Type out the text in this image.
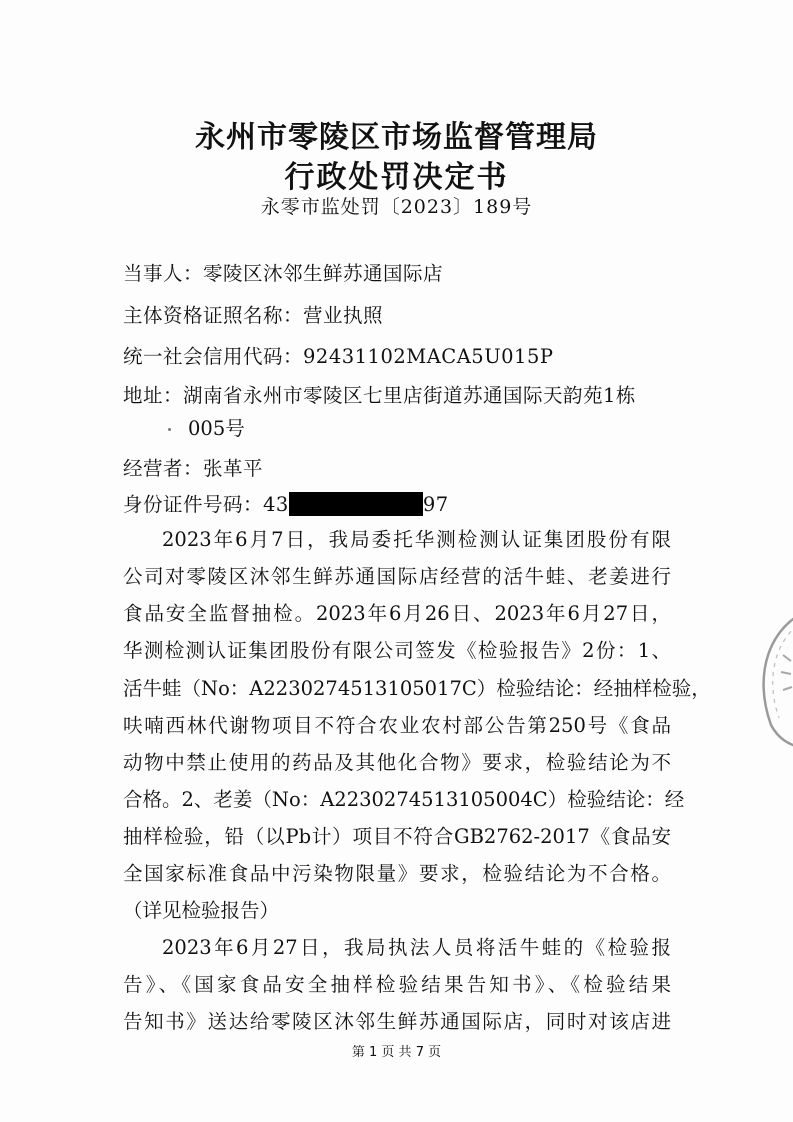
永州市零陵区市场监督管理局
行政处罚决定书
永零市监处罚〔2023〕189号
当事人：零陵区沐邻生鲜苏通国际店
主体资格证照名称：营业执照
统一社会信用代码：92431102MACA5U015P
地址：湖南省永州市零陵区七里店街道苏通国际天韵苑1栋
005号
经营者：张革平
身份证件号码：43	97
2023年6月7日，我局委托华测检测认证集团股份有限
公司对零陵区沐邻生鲜苏通国际店经营的活牛蛙、老姜进行
食品安全监督抽检。2023年6月26日、2023年6月27日，
华测检测认证集团股份有限公司签发《检验报告》2份：1、
活牛蛙（No：A2230274513105017C）检验结论：经抽样检验，
呋喃西林代谢物项目不符合农业农村部公告第250号《食品
动物中禁止使用的药品及其他化合物》要求，检验结论为不
合格。2、老姜（No：A2230274513105004C）检验结论：经
抽样检验，铅（以Pb计）项目不符合GB2762-2017《食品安
全国家标准食品中污染物限量》要求，检验结论为不合格。
（详见检验报告）
2023年6月27日，我局执法人员将活牛蛙的《检验报
告》、《国家食品安全抽样检验结果告知书》、《检验结果
告知书》送达给零陵区沐邻生鲜苏通国际店，同时对该店进
第 1 页 共 7 页
